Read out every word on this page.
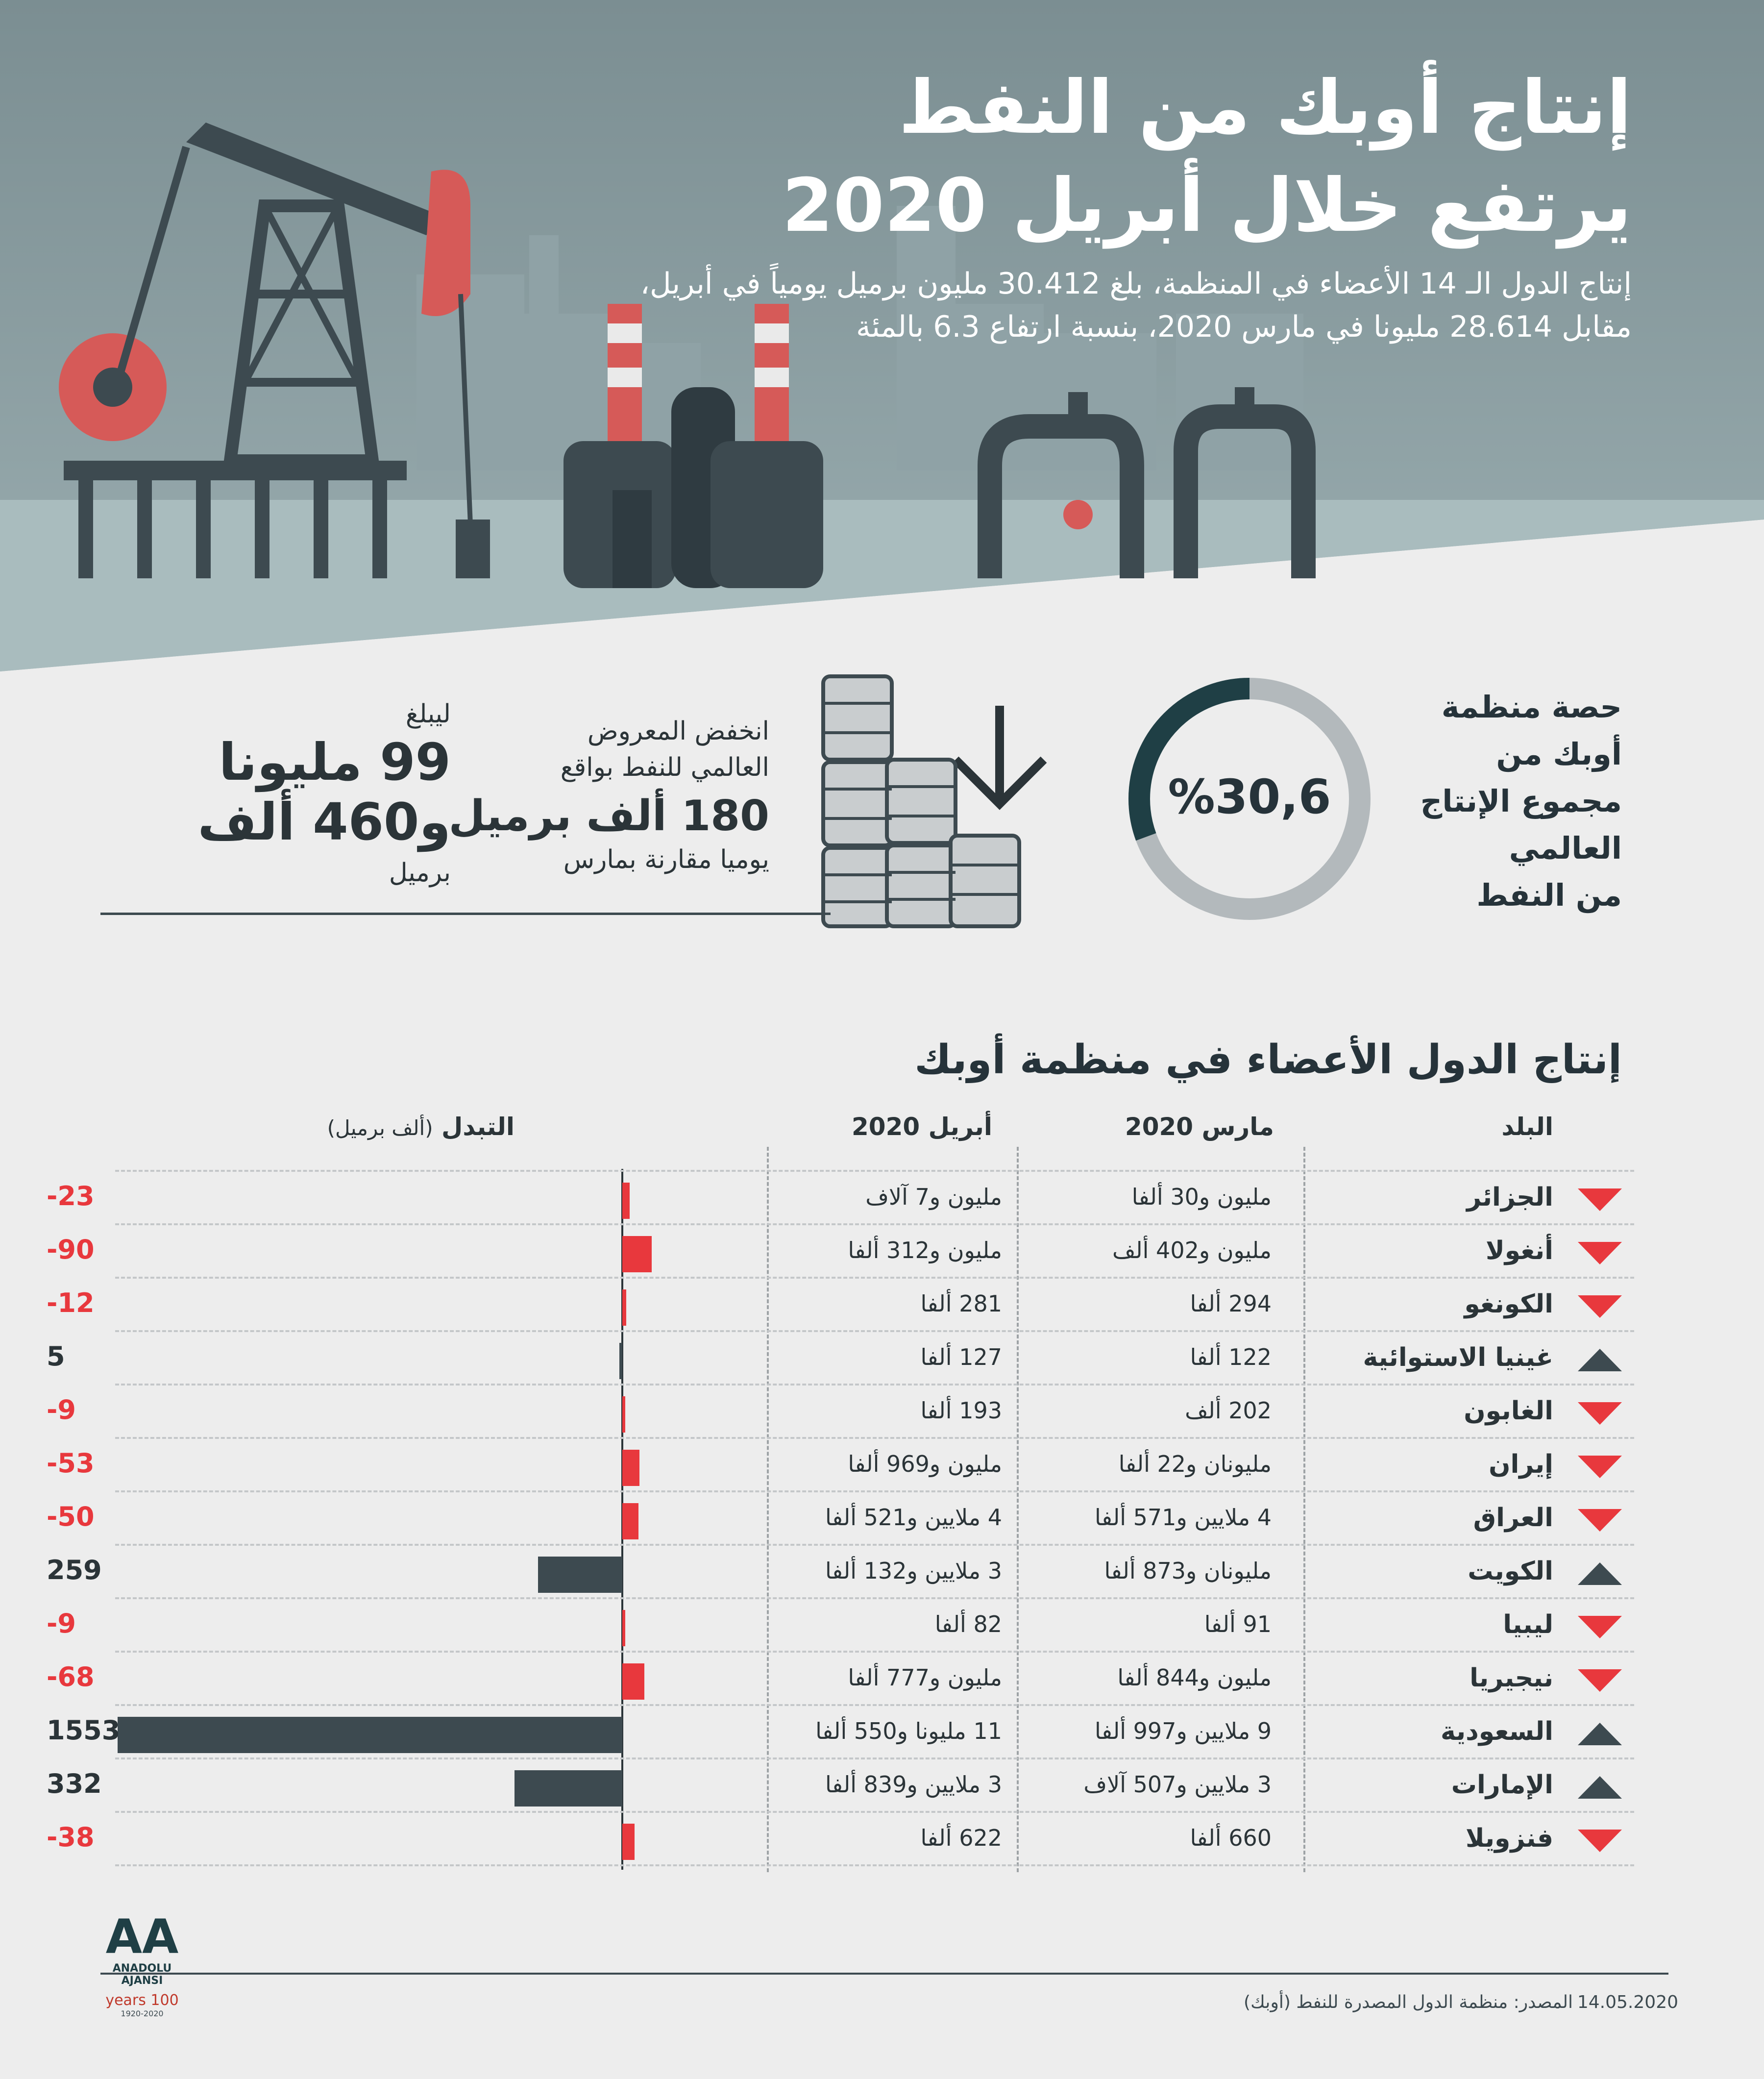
إنتاج أوبك من النفط
يرتفع خلال أبريل 2020
إنتاج الدول الـ 14 الأعضاء في المنظمة، بلغ 30.412 مليون برميل يومياً في أبريل، مقابل 28.614 مليونا في مارس 2020، بنسبة ارتفاع 6.3 بالمئة
حصة منظمة
أوبك من
مجموع الإنتاج
العالمي
من النفط
%30,6
انخفض المعروض
العالمي للنفط بواقع
180 ألف برميل
يوميا مقارنة بمارس
ليبلغ
99 مليونا
و460 ألف
برميل
إنتاج الدول الأعضاء في منظمة أوبك
البلد
مارس 2020
أبريل 2020
التبدل (ألف برميل)
الجزائر
مليون و30 ألفا
مليون و7 آلاف
-23
أنغولا
مليون و402 ألف
مليون و312 ألفا
-90
الكونغو
294 ألفا
281 ألفا
-12
غينيا الاستوائية
122 ألفا
127 ألفا
5
الغابون
202 ألف
193 ألفا
-9
إيران
مليونان و22 ألفا
مليون و969 ألفا
-53
العراق
4 ملايين و571 ألفا
4 ملايين و521 ألفا
-50
الكويت
مليونان و873 ألفا
3 ملايين و132 ألفا
259
ليبيا
91 ألفا
82 ألفا
-9
نيجيريا
مليون و844 ألفا
مليون و777 ألفا
-68
السعودية
9 ملايين و997 ألفا
11 مليونا و550 ألفا
1553
الإمارات
3 ملايين و507 آلاف
3 ملايين و839 ألفا
332
فنزويلا
660 ألفا
622 ألفا
-38
14.05.2020
المصدر: منظمة الدول المصدرة للنفط (أوبك)
AA
ANADOLU AJANSI
100 years
1920-2020
